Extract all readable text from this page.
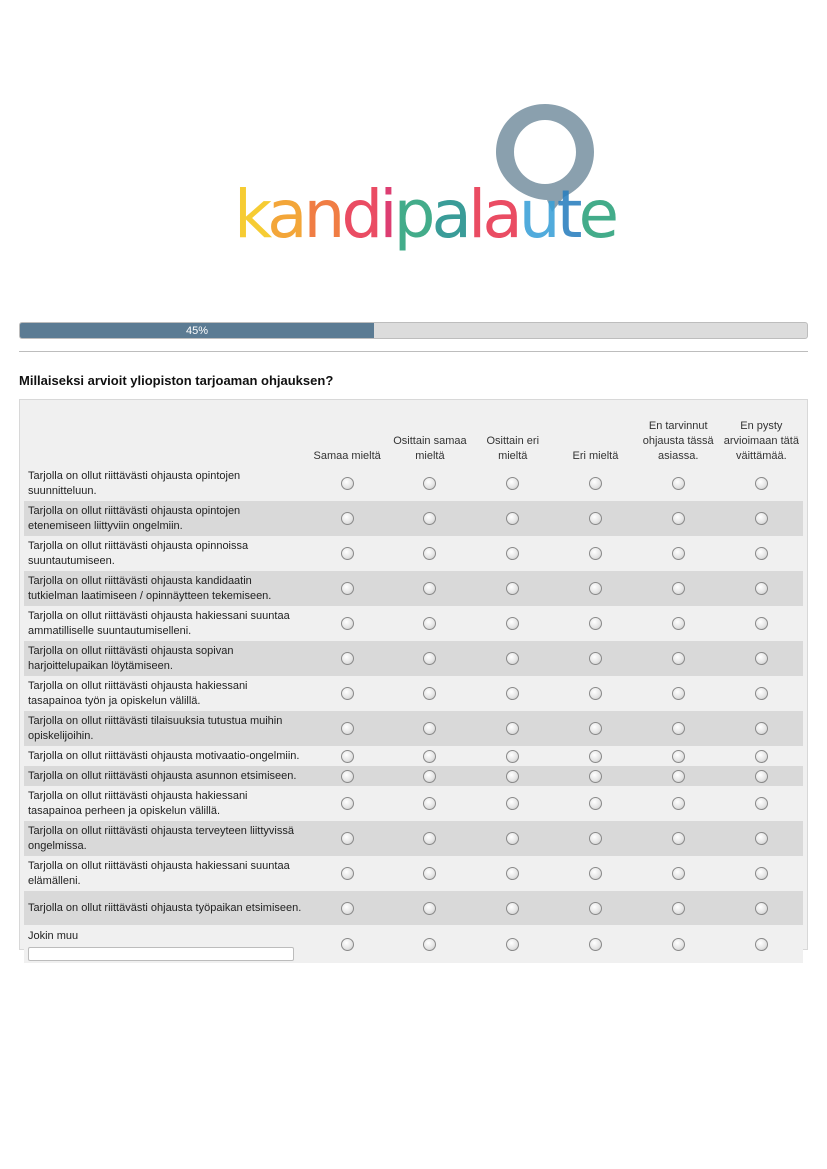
kandipalaute
45%
Millaiseksi arvioit yliopiston tarjoaman ohjauksen?
	Samaa mieltä	Osittain samaa mieltä	Osittain eri mieltä	Eri mieltä	En tarvinnut ohjausta tässä asiassa.	En pysty arvioimaan tätä väittämää.
Tarjolla on ollut riittävästi ohjausta opintojen suunnitteluun.						
Tarjolla on ollut riittävästi ohjausta opintojen etenemiseen liittyviin ongelmiin.						
Tarjolla on ollut riittävästi ohjausta opinnoissa suuntautumiseen.						
Tarjolla on ollut riittävästi ohjausta kandidaatin tutkielman laatimiseen / opinnäytteen tekemiseen.						
Tarjolla on ollut riittävästi ohjausta hakiessani suuntaa ammatilliselle suuntautumiselleni.						
Tarjolla on ollut riittävästi ohjausta sopivan harjoittelupaikan löytämiseen.						
Tarjolla on ollut riittävästi ohjausta hakiessani tasapainoa työn ja opiskelun välillä.						
Tarjolla on ollut riittävästi tilaisuuksia tutustua muihin opiskelijoihin.						
Tarjolla on ollut riittävästi ohjausta motivaatio-ongelmiin.						
Tarjolla on ollut riittävästi ohjausta asunnon etsimiseen.						
Tarjolla on ollut riittävästi ohjausta hakiessani tasapainoa perheen ja opiskelun välillä.						
Tarjolla on ollut riittävästi ohjausta terveyteen liittyvissä ongelmissa.						
Tarjolla on ollut riittävästi ohjausta hakiessani suuntaa elämälleni.						
Tarjolla on ollut riittävästi ohjausta työpaikan etsimiseen.						

Jokin muu						
